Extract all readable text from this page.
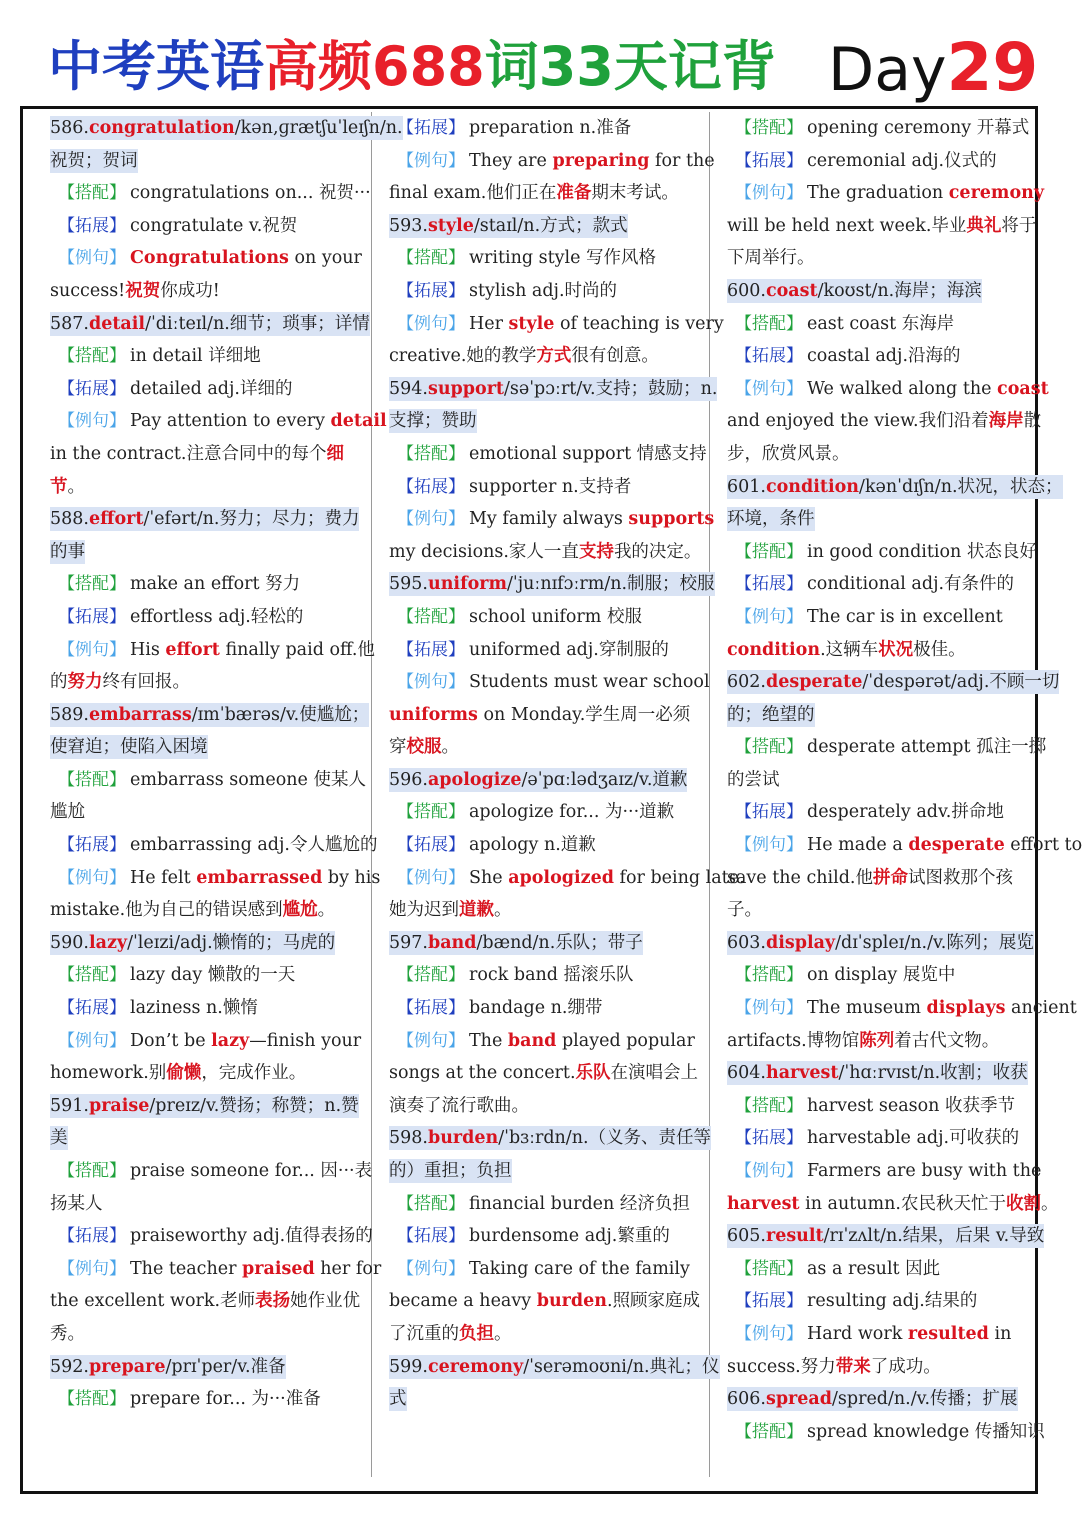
中考英语高频688词33天记背 Day29
586.congratulation/kən‚ɡrætʃuˈleɪʃn/n.
祝贺；贺词
【搭配】 congratulations on... 祝贺···
【拓展】 congratulate v.祝贺
【例句】 Congratulations on your
success!祝贺你成功!
587.detail/ˈdiːteɪl/n.细节；琐事；详情
【搭配】 in detail 详细地
【拓展】 detailed adj.详细的
【例句】 Pay attention to every detail
in the contract.注意合同中的每个细
节。
588.effort/ˈefərt/n.努力；尽力；费力
的事
【搭配】 make an effort 努力
【拓展】 effortless adj.轻松的
【例句】 His effort finally paid off.他
的努力终有回报。
589.embarrass/ɪmˈbærəs/v.使尴尬；
使窘迫；使陷入困境
【搭配】 embarrass someone 使某人
尴尬
【拓展】 embarrassing adj.令人尴尬的
【例句】 He felt embarrassed by his
mistake.他为自己的错误感到尴尬。
590.lazy/ˈleɪzi/adj.懒惰的；马虎的
【搭配】 lazy day 懒散的一天
【拓展】 laziness n.懒惰
【例句】 Don’t be lazy—finish your
homework.别偷懒，完成作业。
591.praise/preɪz/v.赞扬；称赞；n.赞
美
【搭配】 praise someone for... 因···表
扬某人
【拓展】 praiseworthy adj.值得表扬的
【例句】 The teacher praised her for
the excellent work.老师表扬她作业优
秀。
592.prepare/prɪˈper/v.准备
【搭配】 prepare for... 为···准备
【拓展】 preparation n.准备
【例句】 They are preparing for the
final exam.他们正在准备期末考试。
593.style/staɪl/n.方式；款式
【搭配】 writing style 写作风格
【拓展】 stylish adj.时尚的
【例句】 Her style of teaching is very
creative.她的教学方式很有创意。
594.support/səˈpɔːrt/v.支持；鼓励；n.
支撑；赞助
【搭配】 emotional support 情感支持
【拓展】 supporter n.支持者
【例句】 My family always supports
my decisions.家人一直支持我的决定。
595.uniform/ˈjuːnɪfɔːrm/n.制服；校服
【搭配】 school uniform 校服
【拓展】 uniformed adj.穿制服的
【例句】 Students must wear school
uniforms on Monday.学生周一必须
穿校服。
596.apologize/əˈpɑːlədʒaɪz/v.道歉
【搭配】 apologize for... 为···道歉
【拓展】 apology n.道歉
【例句】 She apologized for being late.
她为迟到道歉。
597.band/bænd/n.乐队；带子
【搭配】 rock band 摇滚乐队
【拓展】 bandage n.绷带
【例句】 The band played popular
songs at the concert.乐队在演唱会上
演奏了流行歌曲。
598.burden/ˈbɜːrdn/n.（义务、责任等
的）重担；负担
【搭配】 financial burden 经济负担
【拓展】 burdensome adj.繁重的
【例句】 Taking care of the family
became a heavy burden.照顾家庭成
了沉重的负担。
599.ceremony/ˈserəmoʊni/n.典礼；仪
式
【搭配】 opening ceremony 开幕式
【拓展】 ceremonial adj.仪式的
【例句】 The graduation ceremony
will be held next week.毕业典礼将于
下周举行。
600.coast/koʊst/n.海岸；海滨
【搭配】 east coast 东海岸
【拓展】 coastal adj.沿海的
【例句】 We walked along the coast
and enjoyed the view.我们沿着海岸散
步，欣赏风景。
601.condition/kənˈdɪʃn/n.状况，状态；
环境，条件
【搭配】 in good condition 状态良好
【拓展】 conditional adj.有条件的
【例句】 The car is in excellent
condition.这辆车状况极佳。
602.desperate/ˈdespərət/adj.不顾一切
的；绝望的
【搭配】 desperate attempt 孤注一掷
的尝试
【拓展】 desperately adv.拼命地
【例句】 He made a desperate effort to
save the child.他拼命试图救那个孩
子。
603.display/dɪˈspleɪ/n./v.陈列；展览
【搭配】 on display 展览中
【例句】 The museum displays ancient
artifacts.博物馆陈列着古代文物。
604.harvest/ˈhɑːrvɪst/n.收割；收获
【搭配】 harvest season 收获季节
【拓展】 harvestable adj.可收获的
【例句】 Farmers are busy with the
harvest in autumn.农民秋天忙于收割。
605.result/rɪˈzʌlt/n.结果，后果 v.导致
【搭配】 as a result 因此
【拓展】 resulting adj.结果的
【例句】 Hard work resulted in
success.努力带来了成功。
606.spread/spred/n./v.传播；扩展
【搭配】 spread knowledge 传播知识
